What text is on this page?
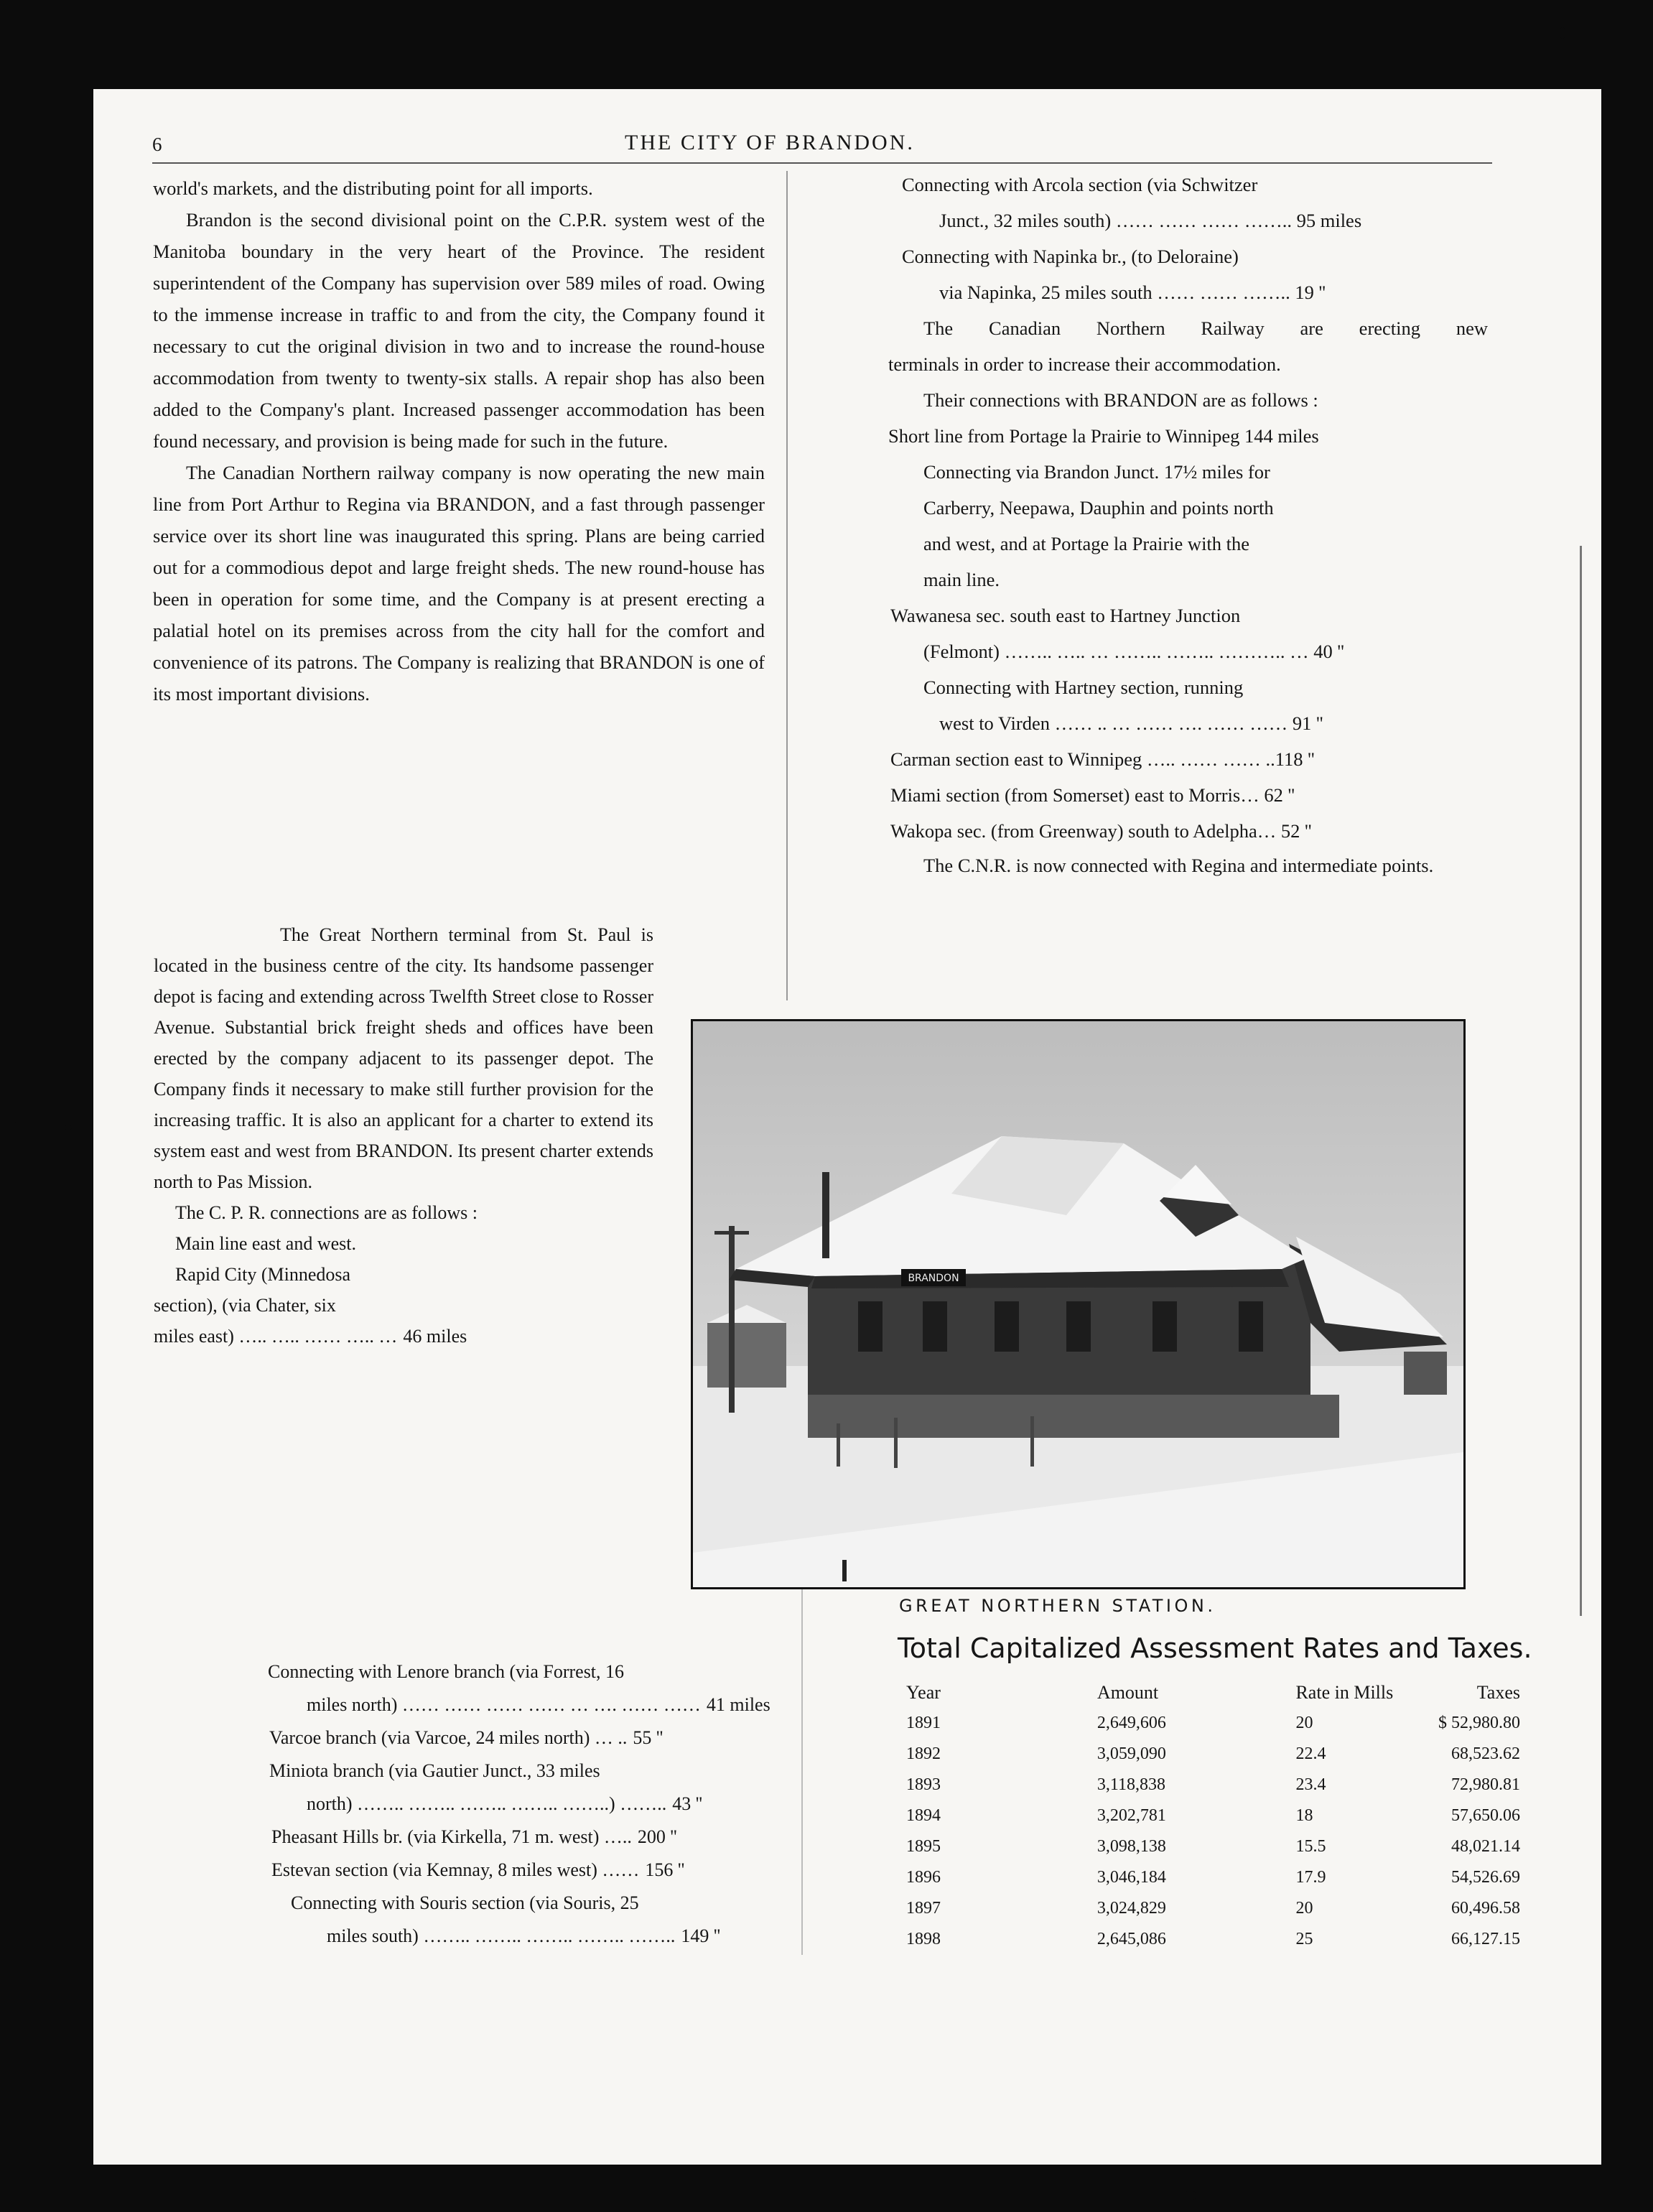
6	THE CITY OF BRANDON.

world's markets, and the distributing point for all imports.

Brandon is the second divisional point on the C.P.R. system west of the Manitoba boundary in the very heart of the Province. The resident superintendent of the Company has supervision over 589 miles of road. Owing to the immense increase in traffic to and from the city, the Company found it necessary to cut the original division in two and to increase the round-house accommodation from twenty to twenty-six stalls. A repair shop has also been added to the Company's plant. Increased passenger accommodation has been found necessary, and provision is being made for such in the future.

The Canadian Northern railway company is now operating the new main line from Port Arthur to Regina via BRANDON, and a fast through passenger service over its short line was inaugurated this spring. Plans are being carried out for a commodious depot and large freight sheds. The new round-house has been in operation for some time, and the Company is at present erecting a palatial hotel on its premises across from the city hall for the comfort and convenience of its patrons. The Company is realizing that BRANDON is one of its most important divisions.

Connecting with Arcola section (via Schwitzer
Junct., 32 miles south) …… …… …… …….. 95 miles
Connecting with Napinka br., (to Deloraine)
via Napinka, 25 miles south …… …… …….. 19 ''
The Canadian Northern Railway are erecting new
terminals in order to increase their accommodation.
Their connections with BRANDON are as follows :
Short line from Portage la Prairie to Winnipeg 144 miles
Connecting via Brandon Junct. 17½ miles for
Carberry, Neepawa, Dauphin and points north
and west, and at Portage la Prairie with the
main line.
Wawanesa sec. south east to Hartney Junction
(Felmont) …….. ….. … …….. …….. ……….. … 40 ''
Connecting with Hartney section, running
west to Virden …… .. … …… …. …… …… 91 ''
Carman section east to Winnipeg ….. …… …… ..118 ''
Miami section (from Somerset) east to Morris… 62 ''
Wakopa sec. (from Greenway) south to Adelpha… 52 ''
The C.N.R. is now connected with Regina and intermediate points.

The Great Northern terminal from St. Paul is located in the business centre of the city. Its handsome passenger depot is facing and extending across Twelfth Street close to Rosser Avenue. Substantial brick freight sheds and offices have been erected by the company adjacent to its passenger depot. The Company finds it necessary to make still further provision for the increasing traffic. It is also an applicant for a charter to extend its system east and west from BRANDON. Its present charter extends north to Pas Mission.

The C. P. R. connections are as follows :

Main line east and west.

Rapid City (Minnedosa

section), (via Chater, six

miles east) ….. ….. …… ….. … 46 miles
BRANDON
GREAT NORTHERN STATION.
Connecting with Lenore branch (via Forrest, 16
miles north) …… …… …… …… … …. …… …… 41 miles
Varcoe branch (via Varcoe, 24 miles north) … .. 55 ''
Miniota branch (via Gautier Junct., 33 miles
north) …….. …….. …….. …….. ……..) …….. 43 ''
Pheasant Hills br. (via Kirkella, 71 m. west) ….. 200 ''
Estevan section (via Kemnay, 8 miles west) …… 156 ''
Connecting with Souris section (via Souris, 25
miles south) …….. …….. …….. …….. …….. 149 ''
Total Capitalized Assessment Rates and Taxes.
Year	Amount	Rate in Mills	Taxes
1891	2,649,606	20	$ 52,980.80
1892	3,059,090	22.4	68,523.62
1893	3,118,838	23.4	72,980.81
1894	3,202,781	18	57,650.06
1895	3,098,138	15.5	48,021.14
1896	3,046,184	17.9	54,526.69
1897	3,024,829	20	60,496.58
1898	2,645,086	25	66,127.15
